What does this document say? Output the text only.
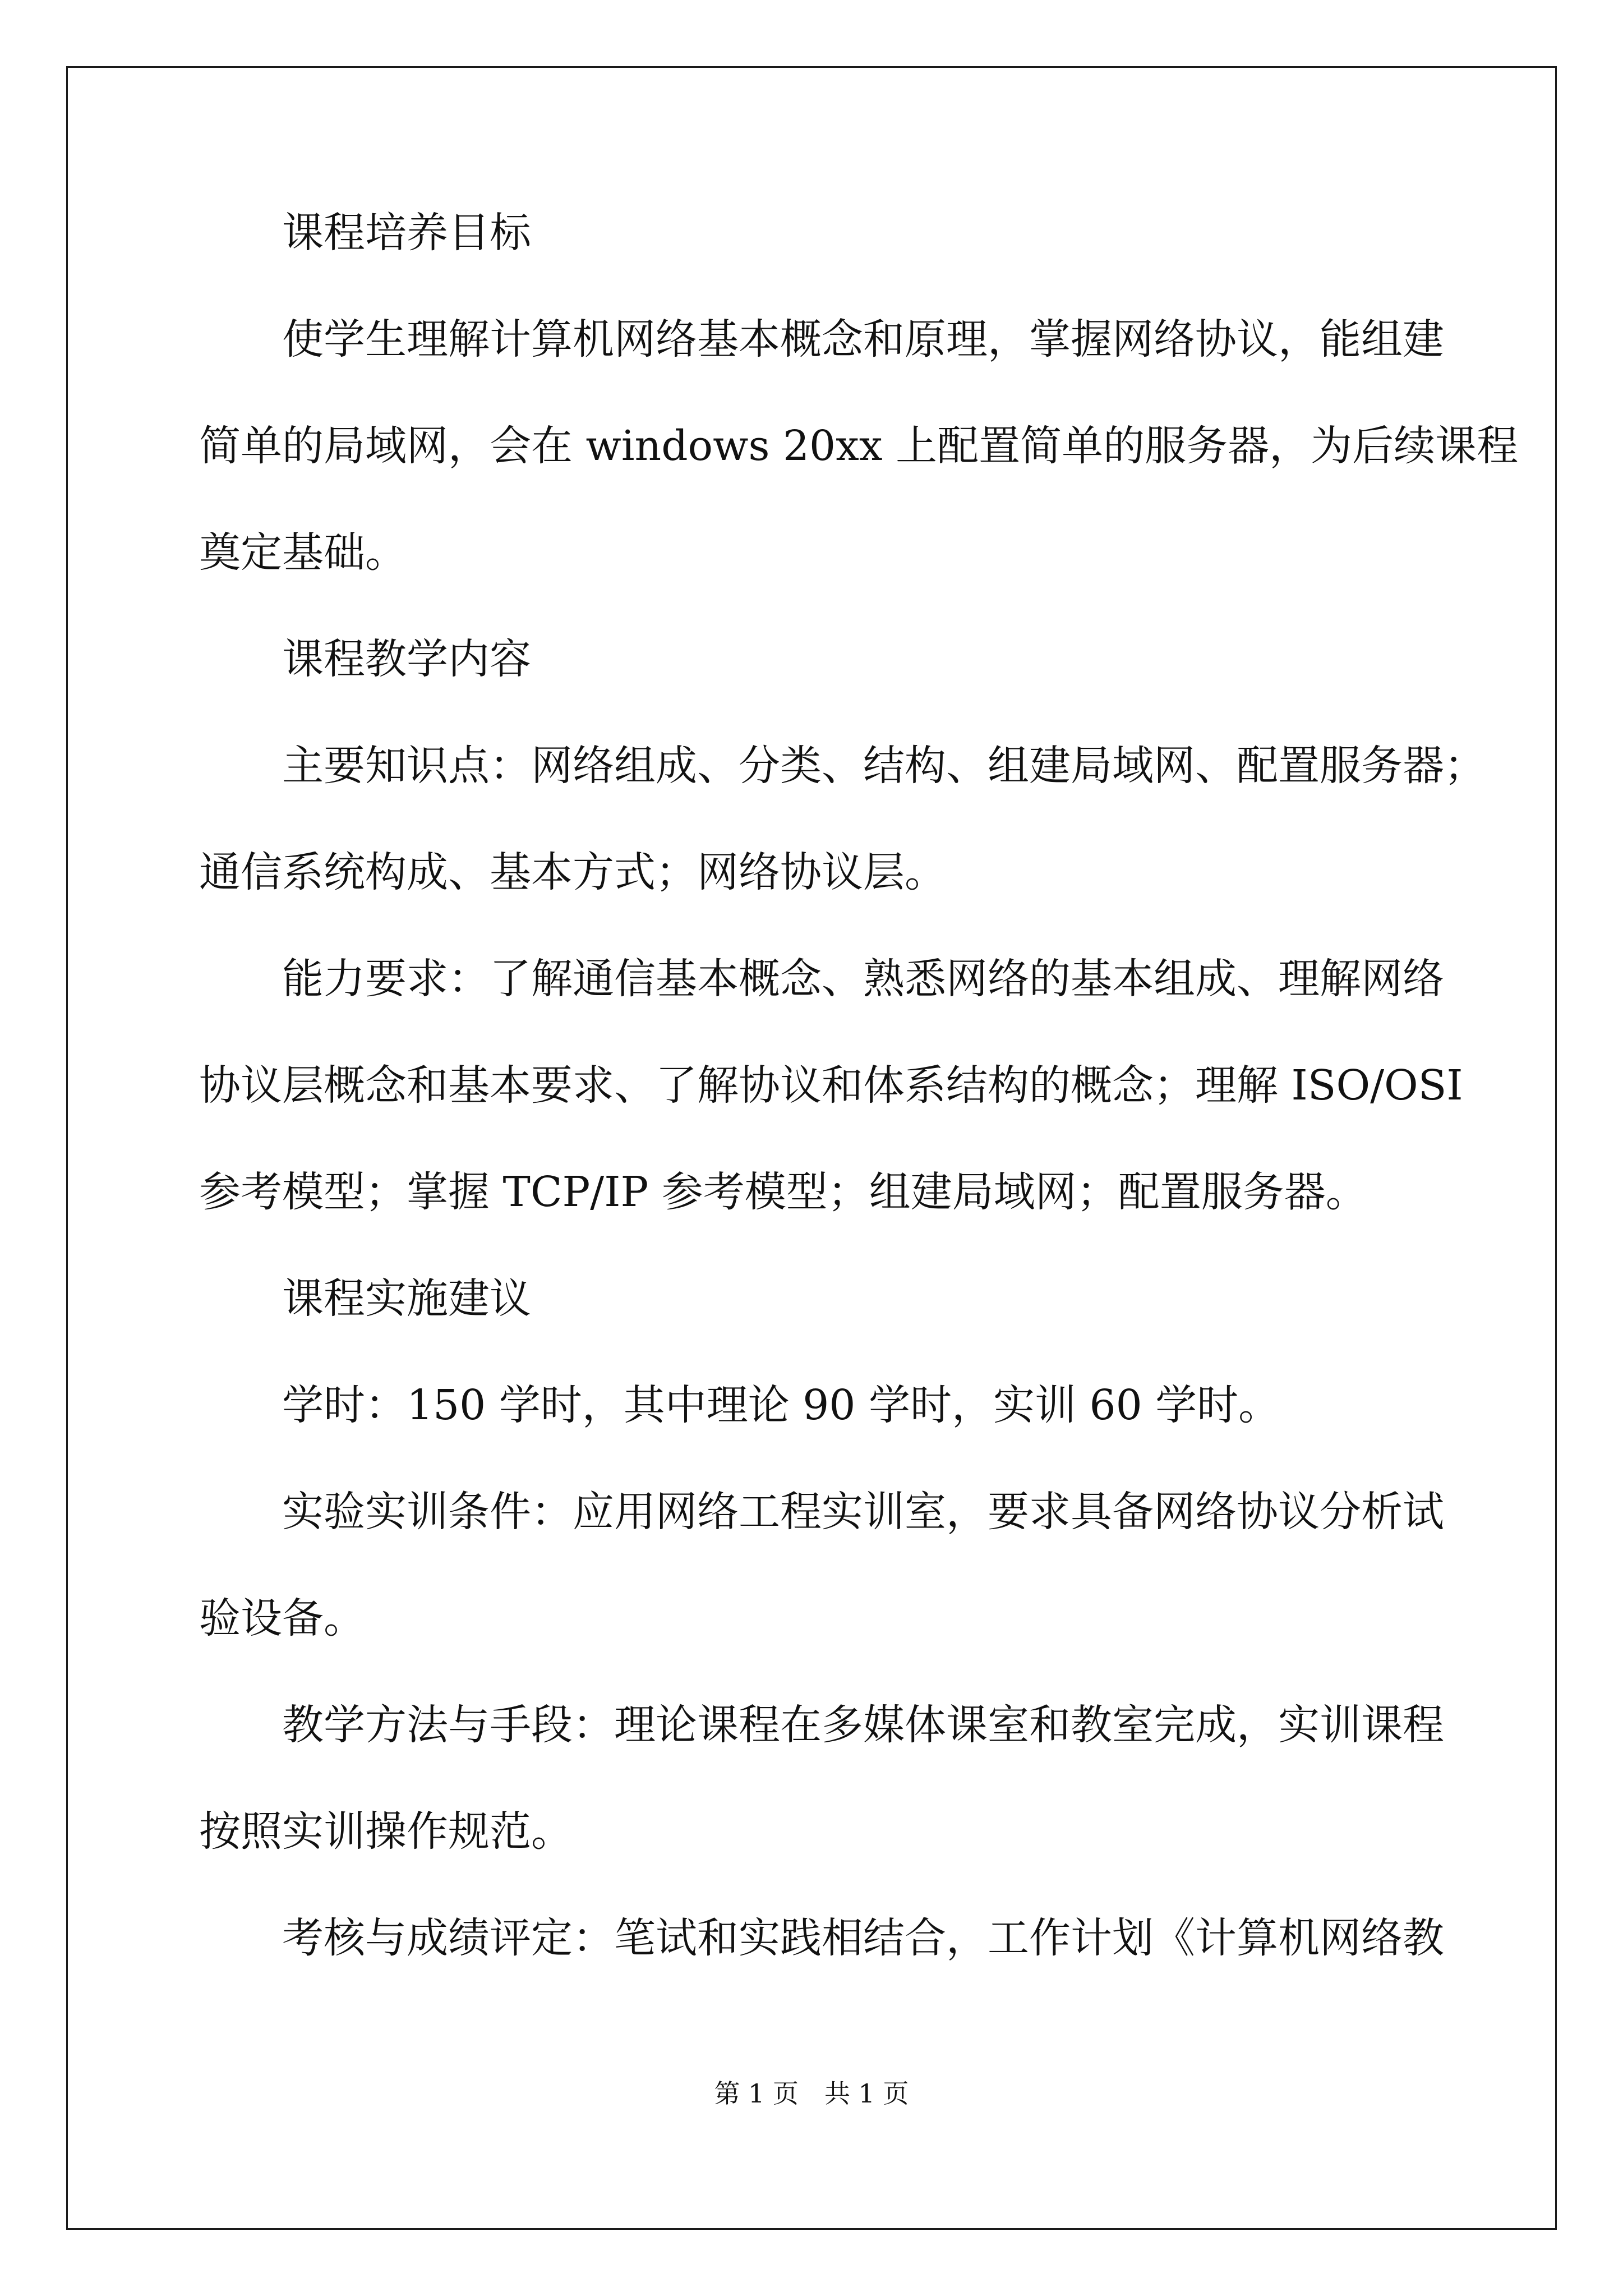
课程培养目标
使学生理解计算机网络基本概念和原理，掌握网络协议，能组建
简单的局域网，会在 windows 20xx 上配置简单的服务器，为后续课程
奠定基础。
课程教学内容
主要知识点：网络组成、分类、结构、组建局域网、配置服务器；
通信系统构成、基本方式；网络协议层。
能力要求：了解通信基本概念、熟悉网络的基本组成、理解网络
协议层概念和基本要求、了解协议和体系结构的概念；理解 ISO/OSI
参考模型；掌握 TCP/IP 参考模型；组建局域网；配置服务器。
课程实施建议
学时：150 学时，其中理论 90 学时，实训 60 学时。
实验实训条件：应用网络工程实训室，要求具备网络协议分析试
验设备。
教学方法与手段：理论课程在多媒体课室和教室完成，实训课程
按照实训操作规范。
考核与成绩评定：笔试和实践相结合，工作计划《计算机网络教
第 1 页　共 1 页
